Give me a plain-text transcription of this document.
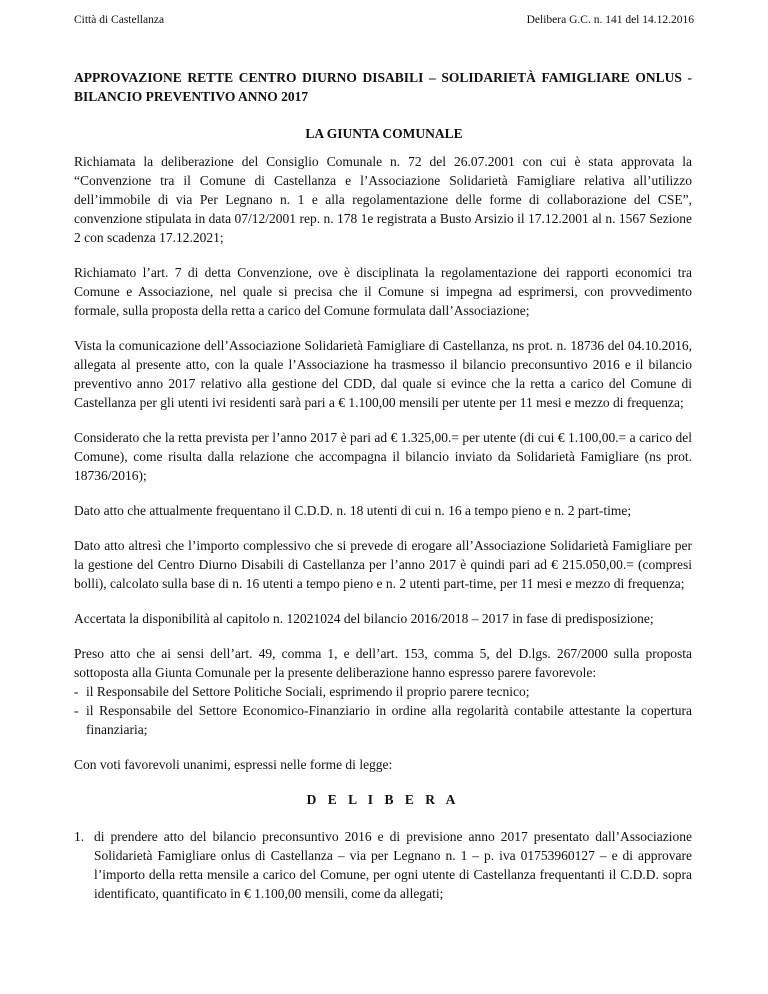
Città di Castellanza	Delibera G.C. n. 141 del 14.12.2016
APPROVAZIONE RETTE CENTRO DIURNO DISABILI – SOLIDARIETÀ FAMIGLIARE ONLUS - BILANCIO PREVENTIVO ANNO 2017
LA GIUNTA COMUNALE

Richiamata la deliberazione del Consiglio Comunale n. 72 del 26.07.2001 con cui è stata approvata la “Convenzione tra il Comune di Castellanza e l’Associazione Solidarietà Famigliare relativa all’utilizzo dell’immobile di via Per Legnano n. 1 e alla regolamentazione delle forme di collaborazione del CSE”, convenzione stipulata in data 07/12/2001 rep. n. 178 1e registrata a Busto Arsizio il 17.12.2001 al n. 1567 Sezione 2 con scadenza 17.12.2021;

Richiamato l’art. 7 di detta Convenzione, ove è disciplinata la regolamentazione dei rapporti economici tra Comune e Associazione, nel quale si precisa che il Comune si impegna ad esprimersi, con provvedimento formale, sulla proposta della retta a carico del Comune formulata dall’Associazione;

Vista la comunicazione dell’Associazione Solidarietà Famigliare di Castellanza, ns prot. n. 18736 del 04.10.2016, allegata al presente atto, con la quale l’Associazione ha trasmesso il bilancio preconsuntivo 2016 e il bilancio preventivo anno 2017 relativo alla gestione del CDD, dal quale si evince che la retta a carico del Comune di Castellanza per gli utenti ivi residenti sarà pari a € 1.100,00 mensili per utente per 11 mesi e mezzo di frequenza;

Considerato che la retta prevista per l’anno 2017 è pari ad € 1.325,00.= per utente (di cui € 1.100,00.= a carico del Comune), come risulta dalla relazione che accompagna il bilancio inviato da Solidarietà Famigliare (ns prot. 18736/2016);

Dato atto che attualmente frequentano il C.D.D. n. 18 utenti di cui n. 16 a tempo pieno e n. 2 part-time;

Dato atto altresì che l’importo complessivo che si prevede di erogare all’Associazione Solidarietà Famigliare per la gestione del Centro Diurno Disabili di Castellanza per l’anno 2017 è quindi pari ad € 215.050,00.= (compresi bolli), calcolato sulla base di n. 16 utenti a tempo pieno e n. 2 utenti part-time, per 11 mesi e mezzo di frequenza;

Accertata la disponibilità al capitolo n. 12021024 del bilancio 2016/2018 – 2017 in fase di predisposizione;

Preso atto che ai sensi dell’art. 49, comma 1, e dell’art. 153, comma 5, del D.lgs. 267/2000 sulla proposta sottoposta alla Giunta Comunale per la presente deliberazione hanno espresso parere favorevole:

- il Responsabile del Settore Politiche Sociali, esprimendo il proprio parere tecnico;
- il Responsabile del Settore Economico-Finanziario in ordine alla regolarità contabile attestante la copertura finanziaria;

Con voti favorevoli unanimi, espressi nelle forme di legge:

D E L I B E R A
1. di prendere atto del bilancio preconsuntivo 2016 e di previsione anno 2017 presentato dall’Associazione Solidarietà Famigliare onlus di Castellanza – via per Legnano n. 1 – p. iva 01753960127 – e di approvare l’importo della retta mensile a carico del Comune, per ogni utente di Castellanza frequentanti il C.D.D. sopra identificato, quantificato in € 1.100,00 mensili, come da allegati;
